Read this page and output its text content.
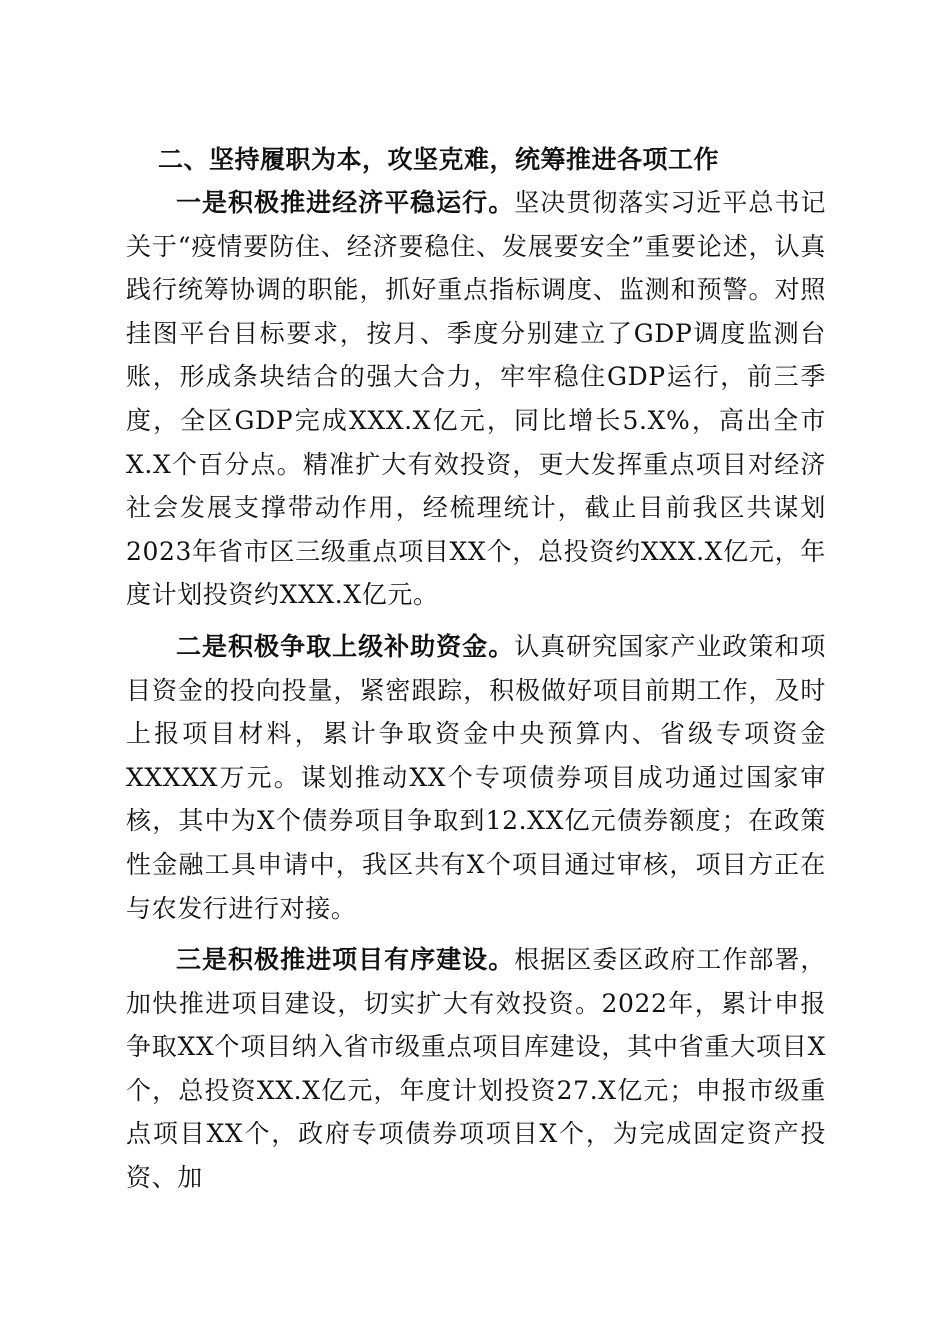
二、坚持履职为本，攻坚克难，统筹推进各项工作

一是积极推进经济平稳运行。坚决贯彻落实习近平总书记关于“疫情要防住、经济要稳住、发展要安全”重要论述，认真践行统筹协调的职能，抓好重点指标调度、监测和预警。对照挂图平台目标要求，按月、季度分别建立了GDP调度监测台账，形成条块结合的强大合力，牢牢稳住GDP运行，前三季度，全区GDP完成XXX.X亿元，同比增长5.X%，高出全市X.X个百分点。精准扩大有效投资，更大发挥重点项目对经济社会发展支撑带动作用，经梳理统计，截止目前我区共谋划2023年省市区三级重点项目XX个，总投资约XXX.X亿元，年度计划投资约XXX.X亿元。

二是积极争取上级补助资金。认真研究国家产业政策和项目资金的投向投量，紧密跟踪，积极做好项目前期工作，及时上报项目材料，累计争取资金中央预算内、省级专项资金XXXXX万元。谋划推动XX个专项债券项目成功通过国家审核，其中为X个债券项目争取到12.XX亿元债券额度；在政策性金融工具申请中，我区共有X个项目通过审核，项目方正在与农发行进行对接。

三是积极推进项目有序建设。根据区委区政府工作部署，加快推进项目建设，切实扩大有效投资。2022年，累计申报争取XX个项目纳入省市级重点项目库建设，其中省重大项目X个，总投资XX.X亿元，年度计划投资27.X亿元；申报市级重点项目XX个，政府专项债券项项目X个，为完成固定资产投资、加
